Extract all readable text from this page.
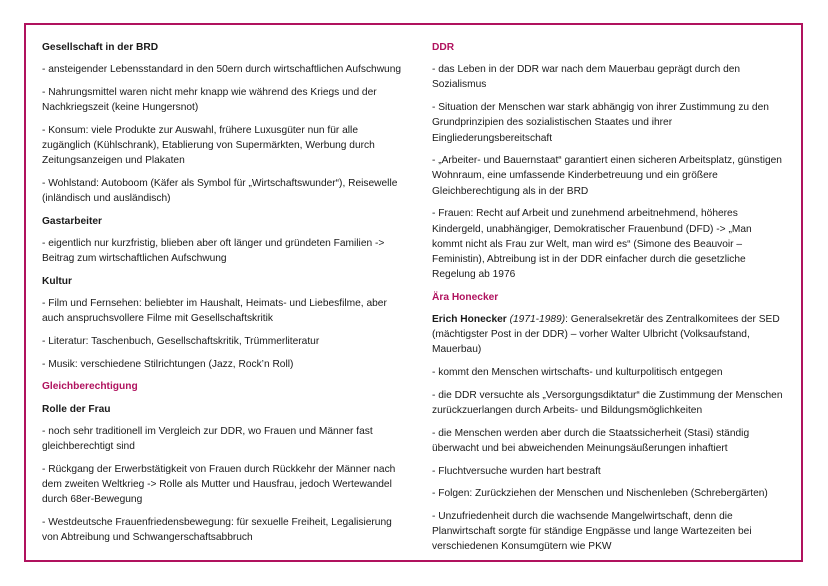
Gesellschaft in der BRD
- ansteigender Lebensstandard in den 50ern durch wirtschaftlichen Aufschwung
- Nahrungsmittel waren nicht mehr knapp wie während des Kriegs und der Nachkriegszeit (keine Hungersnot)
- Konsum: viele Produkte zur Auswahl, frühere Luxusgüter nun für alle zugänglich (Kühlschrank), Etablierung von Supermärkten, Werbung durch Zeitungsanzeigen und Plakaten
- Wohlstand: Autoboom (Käfer als Symbol für „Wirtschaftswunder“), Reisewelle (inländisch und ausländisch)
Gastarbeiter
- eigentlich nur kurzfristig, blieben aber oft länger und gründeten Familien -> Beitrag zum wirtschaftlichen Aufschwung
Kultur
- Film und Fernsehen: beliebter im Haushalt, Heimats- und Liebesfilme, aber auch anspruchsvollere Filme mit Gesellschaftskritik
- Literatur: Taschenbuch, Gesellschaftskritik, Trümmerliteratur
- Musik: verschiedene Stilrichtungen (Jazz, Rock’n Roll)
Gleichberechtigung
Rolle der Frau
- noch sehr traditionell im Vergleich zur DDR, wo Frauen und Männer fast gleichberechtigt sind
- Rückgang der Erwerbstätigkeit von Frauen durch Rückkehr der Männer nach dem zweiten Weltkrieg -> Rolle als Mutter und Hausfrau, jedoch Wertewandel durch 68er-Bewegung
- Westdeutsche Frauenfriedensbewegung: für sexuelle Freiheit, Legalisierung von Abtreibung und Schwangerschaftsabbruch
DDR
- das Leben in der DDR war nach dem Mauerbau geprägt durch den Sozialismus
- Situation der Menschen war stark abhängig von ihrer Zustimmung zu den Grundprinzipien des sozialistischen Staates und ihrer Eingliederungsbereitschaft
- „Arbeiter- und Bauernstaat“ garantiert einen sicheren Arbeitsplatz, günstigen Wohnraum, eine umfassende Kinderbetreuung und ein größere Gleichberechtigung als in der BRD
- Frauen: Recht auf Arbeit und zunehmend arbeitnehmend, höheres Kindergeld, unabhängiger, Demokratischer Frauenbund (DFD) -> „Man kommt nicht als Frau zur Welt, man wird es“ (Simone des Beauvoir – Feministin), Abtreibung ist in der DDR einfacher durch die gesetzliche Regelung ab 1976
Ära Honecker
Erich Honecker (1971-1989): Generalsekretär des Zentralkomitees der SED (mächtigster Post in der DDR) – vorher Walter Ulbricht (Volksaufstand, Mauerbau)
- kommt den Menschen wirtschafts- und kulturpolitisch entgegen
- die DDR versuchte als „Versorgungsdiktatur“ die Zustimmung der Menschen zurückzuerlangen durch Arbeits- und Bildungsmöglichkeiten
- die Menschen werden aber durch die Staatssicherheit (Stasi) ständig überwacht und bei abweichenden Meinungsäußerungen inhaftiert
- Fluchtversuche wurden hart bestraft
- Folgen: Zurückziehen der Menschen und Nischenleben (Schrebergärten)
- Unzufriedenheit durch die wachsende Mangelwirtschaft, denn die Planwirtschaft sorgte für ständige Engpässe und lange Wartezeiten bei verschiedenen Konsumgütern wie PKW
